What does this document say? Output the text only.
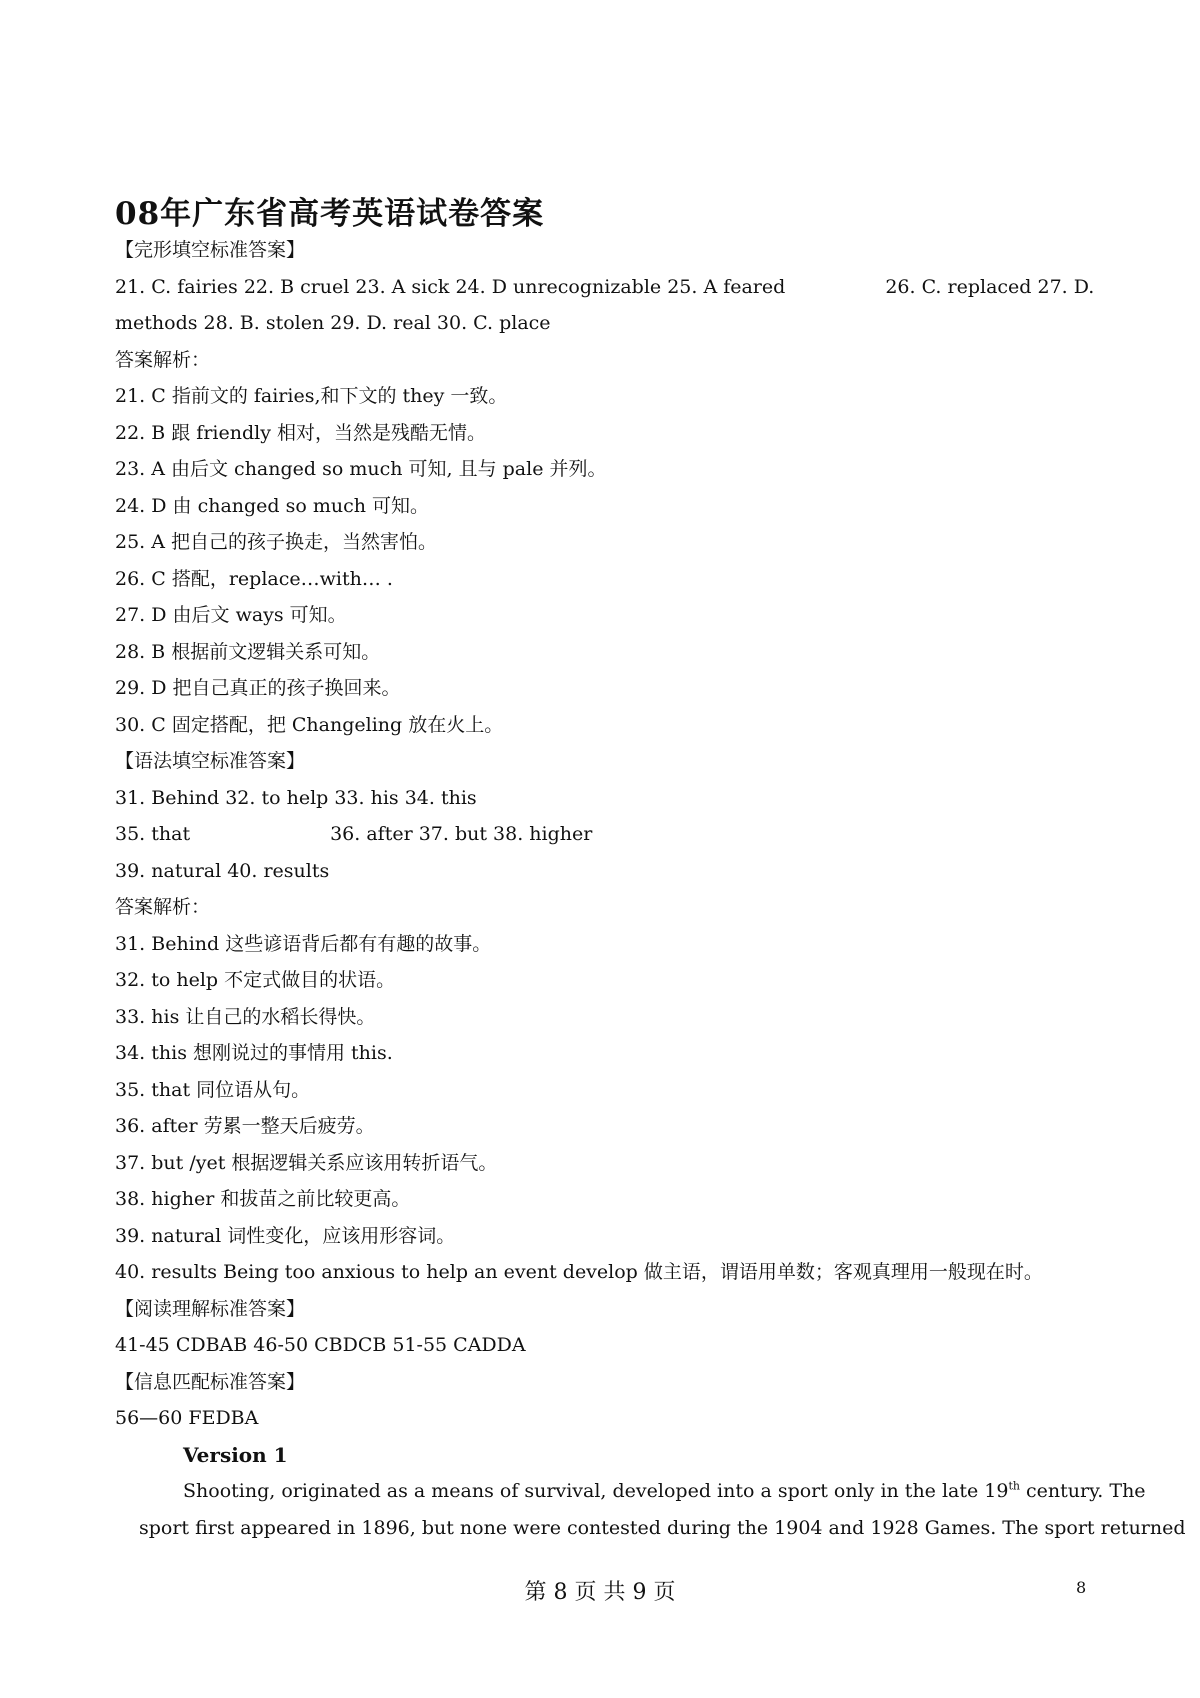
08年广东省高考英语试卷答案
【完形填空标准答案】
21. C. fairies 22. B cruel 23. A sick 24. D unrecognizable 25. A feared	26. C. replaced 27. D.
methods 28. B. stolen 29. D. real 30. C. place
答案解析：
21. C 指前文的 fairies,和下文的 they 一致。
22. B 跟 friendly 相对，当然是残酷无情。
23. A 由后文 changed so much 可知, 且与 pale 并列。
24. D 由 changed so much 可知。
25. A 把自己的孩子换走，当然害怕。
26. C 搭配，replace…with… .
27. D 由后文 ways 可知。
28. B 根据前文逻辑关系可知。
29. D 把自己真正的孩子换回来。
30. C 固定搭配，把 Changeling 放在火上。
【语法填空标准答案】
31. Behind 32. to help 33. his 34. this
35. that	36. after 37. but 38. higher
39. natural 40. results
答案解析：
31. Behind 这些谚语背后都有有趣的故事。
32. to help 不定式做目的状语。
33. his 让自己的水稻长得快。
34. this 想刚说过的事情用 this.
35. that 同位语从句。
36. after 劳累一整天后疲劳。
37. but /yet 根据逻辑关系应该用转折语气。
38. higher 和拔苗之前比较更高。
39. natural 词性变化，应该用形容词。
40. results Being too anxious to help an event develop 做主语，谓语用单数；客观真理用一般现在时。
【阅读理解标准答案】
41-45 CDBAB 46-50 CBDCB 51-55 CADDA
【信息匹配标准答案】
56—60 FEDBA
Version 1
Shooting, originated as a means of survival, developed into a sport only in the late 19th century. The
sport first appeared in 1896, but none were contested during the 1904 and 1928 Games. The sport returned
第 8 页 共 9 页	8
